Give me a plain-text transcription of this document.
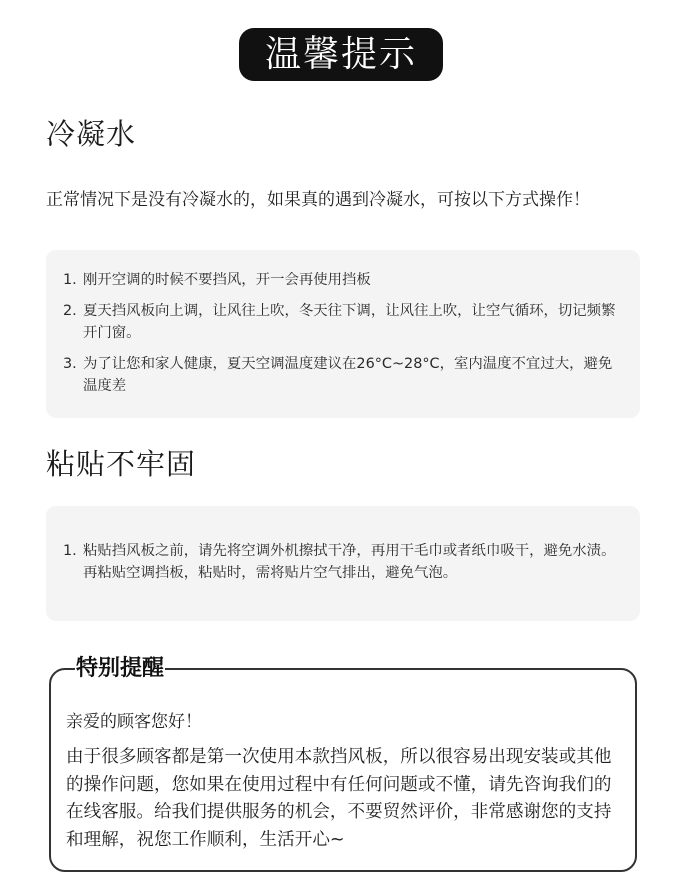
温馨提示
冷凝水
正常情况下是没有冷凝水的，如果真的遇到冷凝水，可按以下方式操作！
1. 刚开空调的时候不要挡风，开一会再使用挡板
2. 夏天挡风板向上调，让风往上吹，冬天往下调，让风往上吹，让空气循环，切记频繁开门窗。
3. 为了让您和家人健康，夏天空调温度建议在26°C~28°C，室内温度不宜过大，避免温度差
粘贴不牢固
1. 粘贴挡风板之前，请先将空调外机擦拭干净，再用干毛巾或者纸巾吸干，避免水渍。再粘贴空调挡板，粘贴时，需将贴片空气排出，避免气泡。
特别提醒
亲爱的顾客您好！
由于很多顾客都是第一次使用本款挡风板，所以很容易出现安装或其他的操作问题，您如果在使用过程中有任何问题或不懂，请先咨询我们的在线客服。给我们提供服务的机会，不要贸然评价，非常感谢您的支持和理解，祝您工作顺利，生活开心~
